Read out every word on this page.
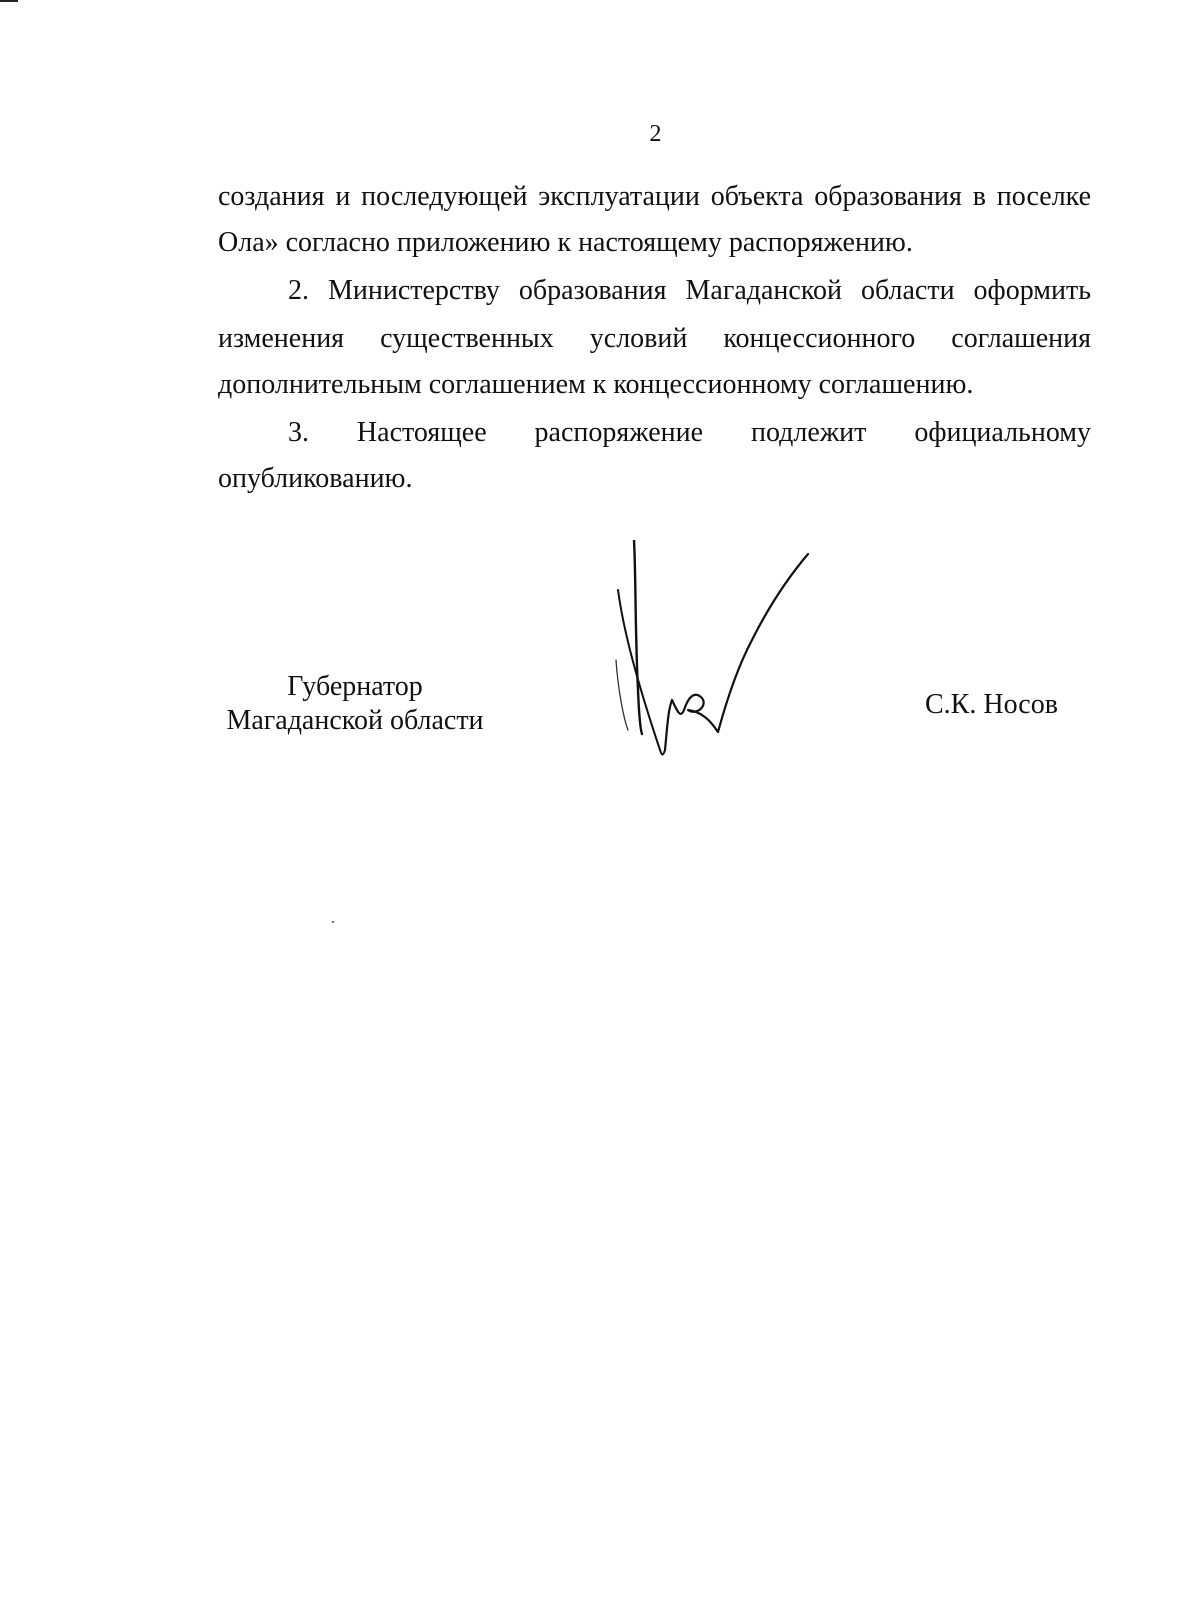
2
создания и последующей эксплуатации объекта образования в поселке
Ола» согласно приложению к настоящему распоряжению.
2. Министерству образования Магаданской области оформить
изменения существенных условий концессионного соглашения
дополнительным соглашением к концессионному соглашению.
3. Настоящее распоряжение подлежит официальному
опубликованию.
Губернатор
Магаданской области
С.К. Носов
